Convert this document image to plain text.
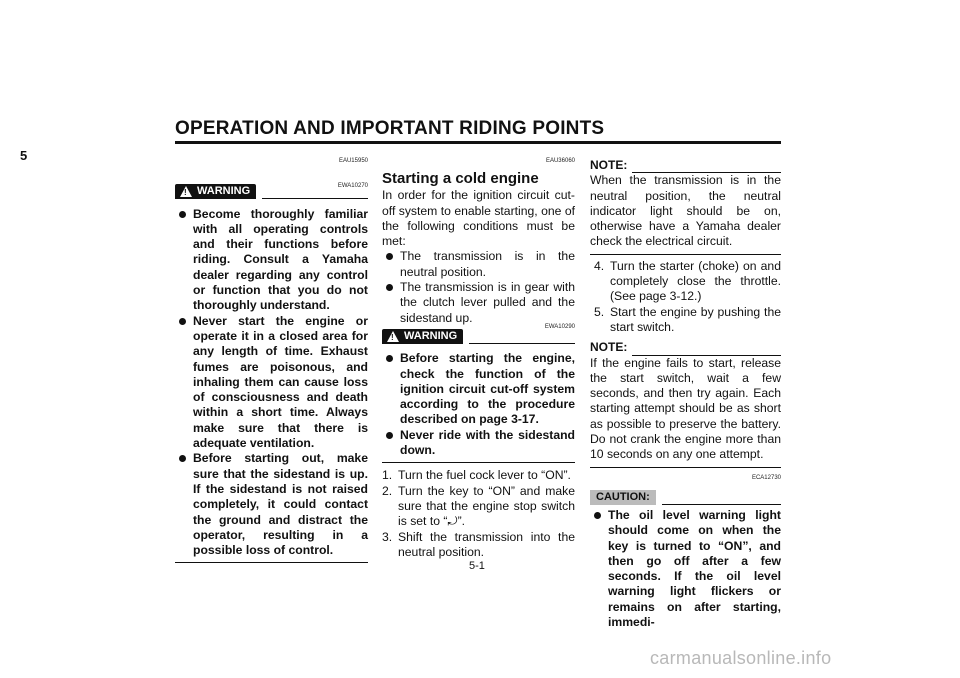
OPERATION AND IMPORTANT RIDING POINTS
5	EAU15950
! WARNING	EWA10270
Become thoroughly familiar with all operating controls and their functions before riding. Consult a Yamaha dealer regarding any control or function that you do not thoroughly understand.
Never start the engine or operate it in a closed area for any length of time. Exhaust fumes are poisonous, and inhaling them can cause loss of consciousness and death within a short time. Always make sure that there is adequate ventilation.
Before starting out, make sure that the sidestand is up. If the sidestand is not raised completely, it could contact the ground and distract the operator, resulting in a possible loss of control.
EAU36060
Starting a cold engine

In order for the ignition circuit cut-off system to enable starting, one of the following conditions must be met:

The transmission is in the neutral position.
The transmission is in gear with the clutch lever pulled and the sidestand up.
! WARNING
EWA10290
Before starting the engine, check the function of the ignition circuit cut-off system according to the procedure described on page 3-17.
Never ride with the sidestand down.
1. Turn the fuel cock lever to “ON”.
2. Turn the key to “ON” and make sure that the engine stop switch is set to “⤾”.
3. Shift the transmission into the neutral position.
NOTE:

When the transmission is in the neutral position, the neutral indicator light should be on, otherwise have a Yamaha dealer check the electrical circuit.

4. Turn the starter (choke) on and completely close the throttle. (See page 3-12.)
5. Start the engine by pushing the start switch.
NOTE:

If the engine fails to start, release the start switch, wait a few seconds, and then try again. Each starting attempt should be as short as possible to preserve the battery. Do not crank the engine more than 10 seconds on any one attempt.

ECA12730
CAUTION:
The oil level warning light should come on when the key is turned to “ON”, and then go off after a few seconds. If the oil level warning light flickers or remains on after starting, immedi-
5-1
carmanualsonline.info
